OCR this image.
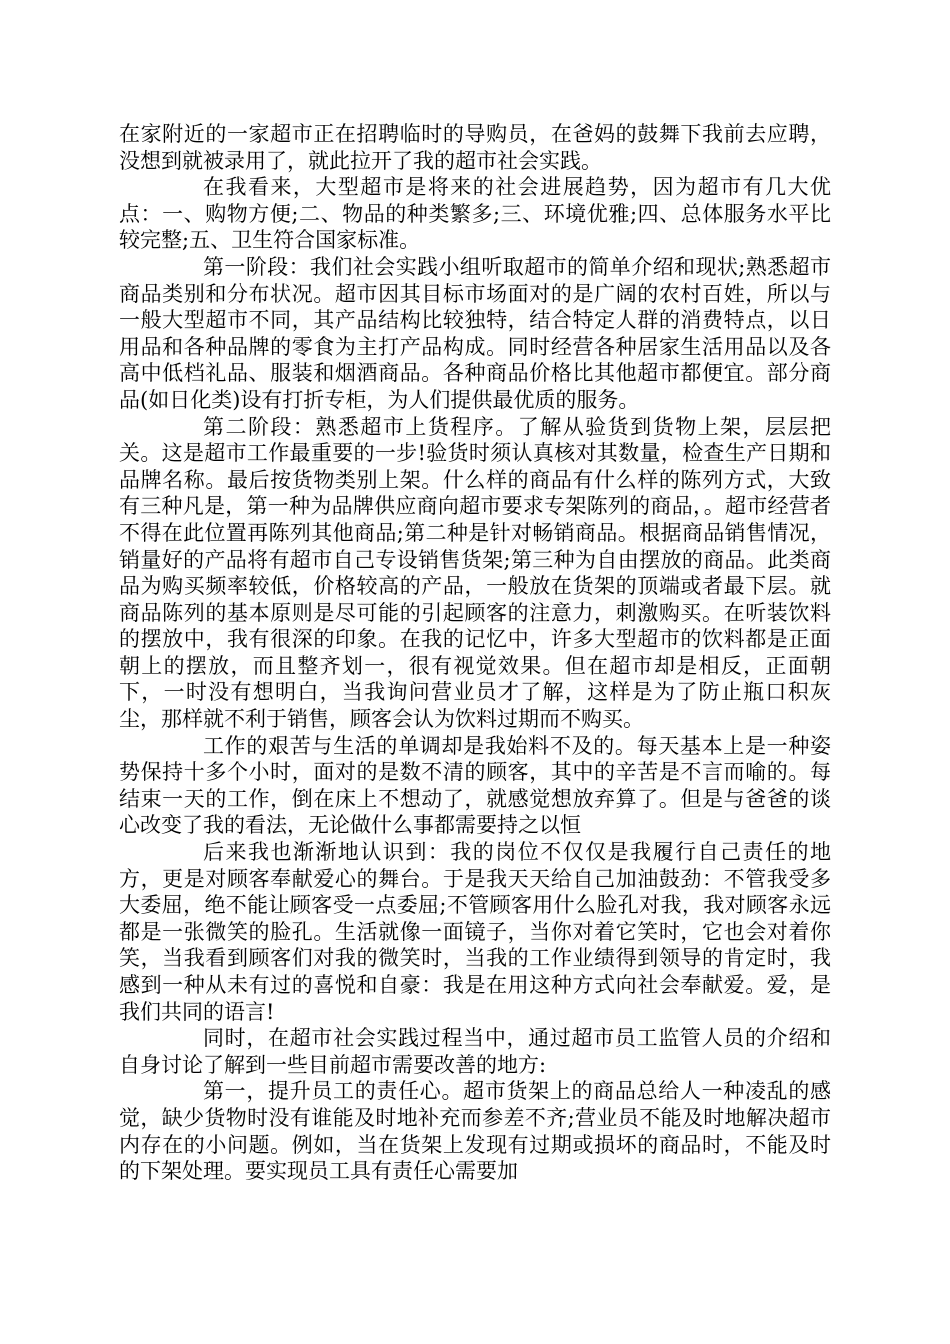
在家附近的一家超市正在招聘临时的导购员，在爸妈的鼓舞下我前去应聘，没想到就被录用了，就此拉开了我的超市社会实践。

在我看来，大型超市是将来的社会进展趋势，因为超市有几大优点：一、购物方便;二、物品的种类繁多;三、环境优雅;四、总体服务水平比较完整;五、卫生符合国家标准。

第一阶段：我们社会实践小组听取超市的简单介绍和现状;熟悉超市商品类别和分布状况。超市因其目标市场面对的是广阔的农村百姓，所以与一般大型超市不同，其产品结构比较独特，结合特定人群的消费特点，以日用品和各种品牌的零食为主打产品构成。同时经营各种居家生活用品以及各高中低档礼品、服装和烟酒商品。各种商品价格比其他超市都便宜。部分商品(如日化类)设有打折专柜，为人们提供最优质的服务。

第二阶段：熟悉超市上货程序。了解从验货到货物上架，层层把关。这是超市工作最重要的一步!验货时须认真核对其数量，检查生产日期和品牌名称。最后按货物类别上架。什么样的商品有什么样的陈列方式，大致有三种凡是，第一种为品牌供应商向超市要求专架陈列的商品，。超市经营者不得在此位置再陈列其他商品;第二种是针对畅销商品。根据商品销售情况，销量好的产品将有超市自己专设销售货架;第三种为自由摆放的商品。此类商品为购买频率较低，价格较高的产品，一般放在货架的顶端或者最下层。就商品陈列的基本原则是尽可能的引起顾客的注意力，刺激购买。在听装饮料的摆放中，我有很深的印象。在我的记忆中，许多大型超市的饮料都是正面朝上的摆放，而且整齐划一，很有视觉效果。但在超市却是相反，正面朝下，一时没有想明白，当我询问营业员才了解，这样是为了防止瓶口积灰尘，那样就不利于销售，顾客会认为饮料过期而不购买。

工作的艰苦与生活的单调却是我始料不及的。每天基本上是一种姿势保持十多个小时，面对的是数不清的顾客，其中的辛苦是不言而喻的。每结束一天的工作，倒在床上不想动了，就感觉想放弃算了。但是与爸爸的谈心改变了我的看法，无论做什么事都需要持之以恒

后来我也渐渐地认识到：我的岗位不仅仅是我履行自己责任的地方，更是对顾客奉献爱心的舞台。于是我天天给自己加油鼓劲：不管我受多大委屈，绝不能让顾客受一点委屈;不管顾客用什么脸孔对我，我对顾客永远都是一张微笑的脸孔。生活就像一面镜子，当你对着它笑时，它也会对着你笑，当我看到顾客们对我的微笑时，当我的工作业绩得到领导的肯定时，我感到一种从未有过的喜悦和自豪：我是在用这种方式向社会奉献爱。爱，是我们共同的语言!

同时，在超市社会实践过程当中，通过超市员工监管人员的介绍和自身讨论了解到一些目前超市需要改善的地方:

第一，提升员工的责任心。超市货架上的商品总给人一种凌乱的感觉，缺少货物时没有谁能及时地补充而参差不齐;营业员不能及时地解决超市内存在的小问题。例如，当在货架上发现有过期或损坏的商品时，不能及时的下架处理。要实现员工具有责任心需要加
